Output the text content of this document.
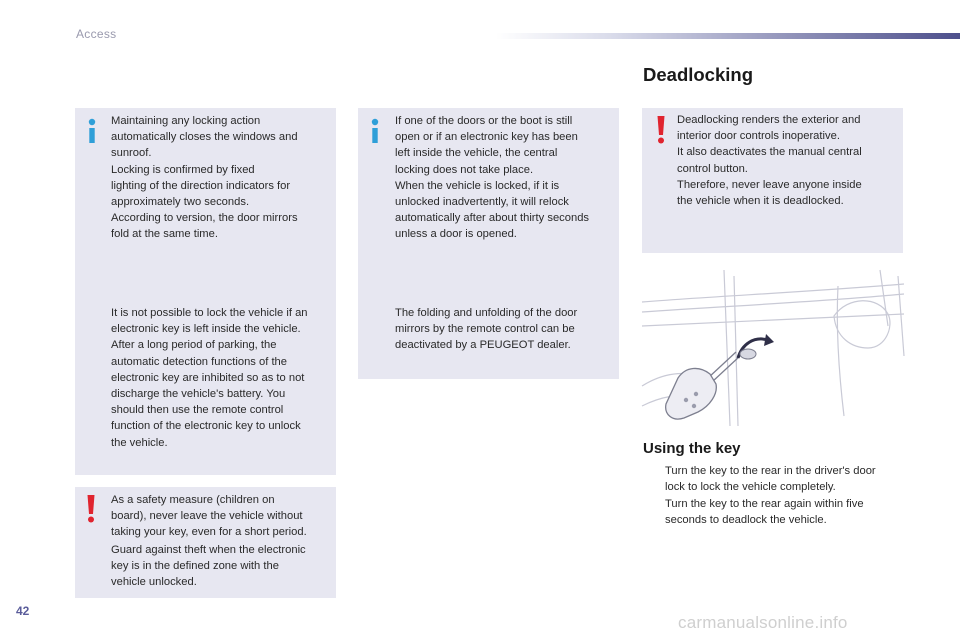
Access
Maintaining any locking action
automatically closes the windows and
sunroof.
Locking is confirmed by fixed
lighting of the direction indicators for
approximately two seconds.
According to version, the door mirrors
fold at the same time.
It is not possible to lock the vehicle if an
electronic key is left inside the vehicle.
After a long period of parking, the
automatic detection functions of the
electronic key are inhibited so as to not
discharge the vehicle's battery. You
should then use the remote control
function of the electronic key to unlock
the vehicle.
If one of the doors or the boot is still
open or if an electronic key has been
left inside the vehicle, the central
locking does not take place.
When the vehicle is locked, if it is
unlocked inadvertently, it will relock
automatically after about thirty seconds
unless a door is opened.
The folding and unfolding of the door
mirrors by the remote control can be
deactivated by a PEUGEOT dealer.
As a safety measure (children on
board), never leave the vehicle without
taking your key, even for a short period.
Guard against theft when the electronic
key is in the defined zone with the
vehicle unlocked.
Deadlocking
Deadlocking renders the exterior and
interior door controls inoperative.
It also deactivates the manual central
control button.
Therefore, never leave anyone inside
the vehicle when it is deadlocked.
Using the key
Turn the key to the rear in the driver's door
lock to lock the vehicle completely.
Turn the key to the rear again within five
seconds to deadlock the vehicle.
42
carmanualsonline.info
